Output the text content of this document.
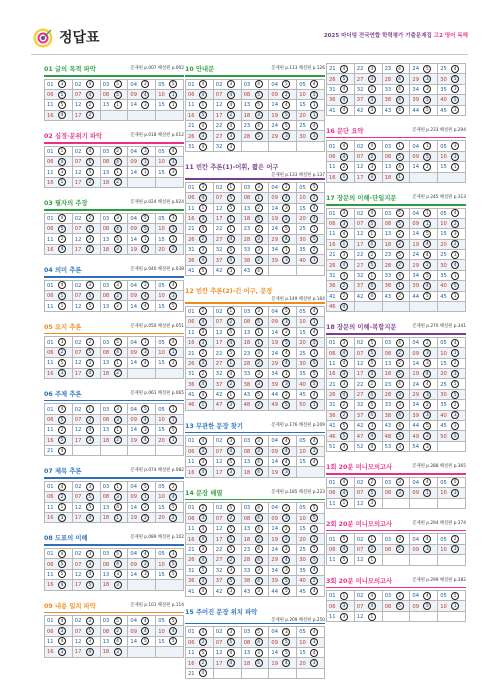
정답표	2025 마더텅 전국연합 학력평가 기출문제집 고2 영어 독해
01 글의 목적 파악	문제편 p.007 해설편 p.002
01 3	02 4	03 5	04 2	05 5
06 1	07 4	08 5	09 4	10 1
11 5	12 2	13 1	14 3	15 1
16 4	17 2			
02 심경·분위기 파악	문제편 p.018 해설편 p.012
01 1	02 4	03 2	04 3	05 4
06 4	07 5	08 4	09 1	10 3
11 3	12 5	13 1	14 1	15 3
16 1	17 2	18 2		
03 필자의 주장	문제편 p.024 해설편 p.024
01 4	02 2	03 3	04 5	05 3
06 5	07 1	08 4	09 5	10 3
11 2	12 3	13 5	14 1	15 3
16 4	17 2	18 3	19 4	20 2
04 의미 추론	문제편 p.040 해설편 p.038
01 4	02 3	03 3	04 2	05 4
06 1	07 5	08 2	09 4	10 3
11 1	12 5	13 2	14 4	15 5
05 요지 추론	문제편 p.050 해설편 p.051
01 3	02 2	03 5	04 1	05 4
06 2	07 5	08 4	09 3	10 1
11 5	12 3	13 1	14 4	15 2
16 3	17 4	18 2		
06 주제 추론	문제편 p.061 해설편 p.065
01 4	02 1	03 3	04 5	05 1
06 5	07 2	08 3	09 4	10 1
11 2	12 4	13 1	14 3	15 5
16 5	17 3	18 2	19 4	20 1
21 4				
07 제목 추론	문제편 p.074 해설편 p.082
01 4	02 3	03 1	04 5	05 2
06 2	07 5	08 3	09 1	10 4
11 1	12 5	13 4	14 2	15 5
16 3	17 4	18 1	19 2	20 2
08 도표의 이해	문제편 p.089 해설편 p.102
01 4	02 3	03 5	04 4	05 3
06 5	07 3	08 4	09 2	10 5
11 5	12 4	13 3	14 3	15 5
16 4	17 5	18 3		
09 내용 일치 파악	문제편 p.101 해설편 p.114
01 4	02 3	03 5	04 4	05 5
06 3	07 5	08 2	09 4	10 4
11 4	12 3	13 4	14 5	15 5
16 3	17 4	18 3		
10 안내문	문제편 p.113 해설편 p.126
01 4	02 3	03 4	04 5	05 4
06 4	07 4	08 5	09 2	10 5
11 1	12 4	13 5	14 4	15 1
16 5	17 2	18 3	19 5	20 1
21 4	22 4	23 4	24 5	25 4
26 3	27 3	28 5	29 3	30 3
31 4	32 3			
11 빈칸 추론(1)-어휘, 짧은 어구
문제편 p.133 해설편 p.137
01 3	02 1	03 3	04 2	05 5
06 4	07 5	08 1	09 4	10 2
11 1	12 5	13 2	14 3	15 4
16 3	17 1	18 5	19 2	20 4
21 4	22 1	23 2	24 5	25 1
26 2	27 4	28 3	29 4	30 5
31 3	32 5	33 3	34 1	35 2
36 4	37 5	38 2	39 3	40 1
41 5	42 3	43 4		
12 빈칸 추론(2)-긴 어구, 문장
문제편 p.149 해설편 p.164
01 2	02 1	03 3	04 5	05 4
06 4	07 2	08 5	09 3	10 1
11 3	12 5	13 1	14 2	15 4
16 3	17 4	18 1	19 5	20 5
21 2	22 5	23 3	24 4	25 1
26 3	27 1	28 2	29 4	30 5
31 2	32 4	33 3	34 1	35 5
36 4	37 2	38 3	39 3	40 5
41 4	42 1	43 5	44 2	45 4
46 1	47 3	48 2	49 5	50 1
13 무관한 문장 찾기	문제편 p.176 해설편 p.209
01 4	02 3	03 3	04 4	05 4
06 3	07 4	08 3	09 4	10 3
11 3	12 5	13 4	14 4	15 4
16 4	17 3	18 4	19 3	
14 문장 배열	문제편 p.185 해설편 p.223
01 2	02 5	03 4	04 2	05 5
06 3	07 2	08 4	09 3	10 5
11 3	12 5	13 4	14 2	15 3
16 4	17 5	18 2	19 2	20 3
21 3	22 5	23 4	24 2	25 5
26 4	27 2	28 4	29 4	30 5
31 5	32 3	33 3	34 3	35 4
36 3	37 5	38 4	39 5	40 2
41 4	42 3	43 3	44 5	45 4
15 주어진 문장 위치 파악
문제편 p.209 해설편 p.250
01 4	02 3	03 5	04 3	05 4
06 2	07 5	08 4	09 5	10 3
11 5	12 4	13 3	14 5	15 4
16 2	17 4	18 5	19 4	20 3
21 4				
21 4	22 3	23 4	24 5	25 4
26 5	27 3	28 4	29 3	30 5
31 4	32 2	33 4	34 3	35 3
36 4	37 3	38 4	39 5	40 5
41 4	42 3	43 4	44 5	45 3
16 문단 요약	문제편 p.233 해설편 p.294
01 4	02 4	03 1	04 1	05 3
06 4	07 2	08 5	09 5	10 3
11 2	12 3	13 4	14 2	15 1
16 1	17 3	18 1		
17 장문의 이해-단일지문	문제편 p.245 해설편 p.313
01 3	02 4	03 5	04 1	05 4
06 3	07 5	08 5	09 1	10 2
11 4	12 1	13 2	14 5	15 3
16 1	17 5	18 2	19 4	20 2
21 3	22 2	23 5	24 4	25 3
26 4	27 5	28 2	29 2	30 4
31 3	32 1	33 4	34 5	35 1
36 2	37 5	38 1	39 4	40 5
41 2	42 4	43 2	44 5	45 1
46 4				
18 장문의 이해-복합지문	문제편 p.270 해설편 p.341
01 3	02 5	03 4	04 2	05 4
06 4	07 5	08 2	09 3	10 1
11 4	12 5	13 2	14 3	15 2
16 3	17 3	18 5	19 4	20 3
21 3	22 2	23 4	24 4	25 5
26 4	27 5	28 3	29 3	30 5
31 2	32 5	33 3	34 2	35 2
36 2	37 5	38 4	39 3	40 3
41 5	42 3	43 4	44 5	45 3
46 5	47 4	48 5	49 2	50 5
51 3	52 4	53 3	54 3	
1회 20분 미니모의고사	문제편 p.288 해설편 p.365
01 4	02 2	03 3	04 4	05 5
06 4	07 5	08 3	09 1	10 3
11 1	12 3			
2회 20분 미니모의고사	문제편 p.294 해설편 p.374
01 5	02 1	03 3	04 4	05 2
06 4	07 2	08 5	09 3	10 3
11 5	12 1			
3회 20분 미니모의고사	문제편 p.299 해설편 p.382
01 1	02 4	03 2	04 4	05 5
06 3	07 4	08 5	09 5	10 1
11 3	12 1			
